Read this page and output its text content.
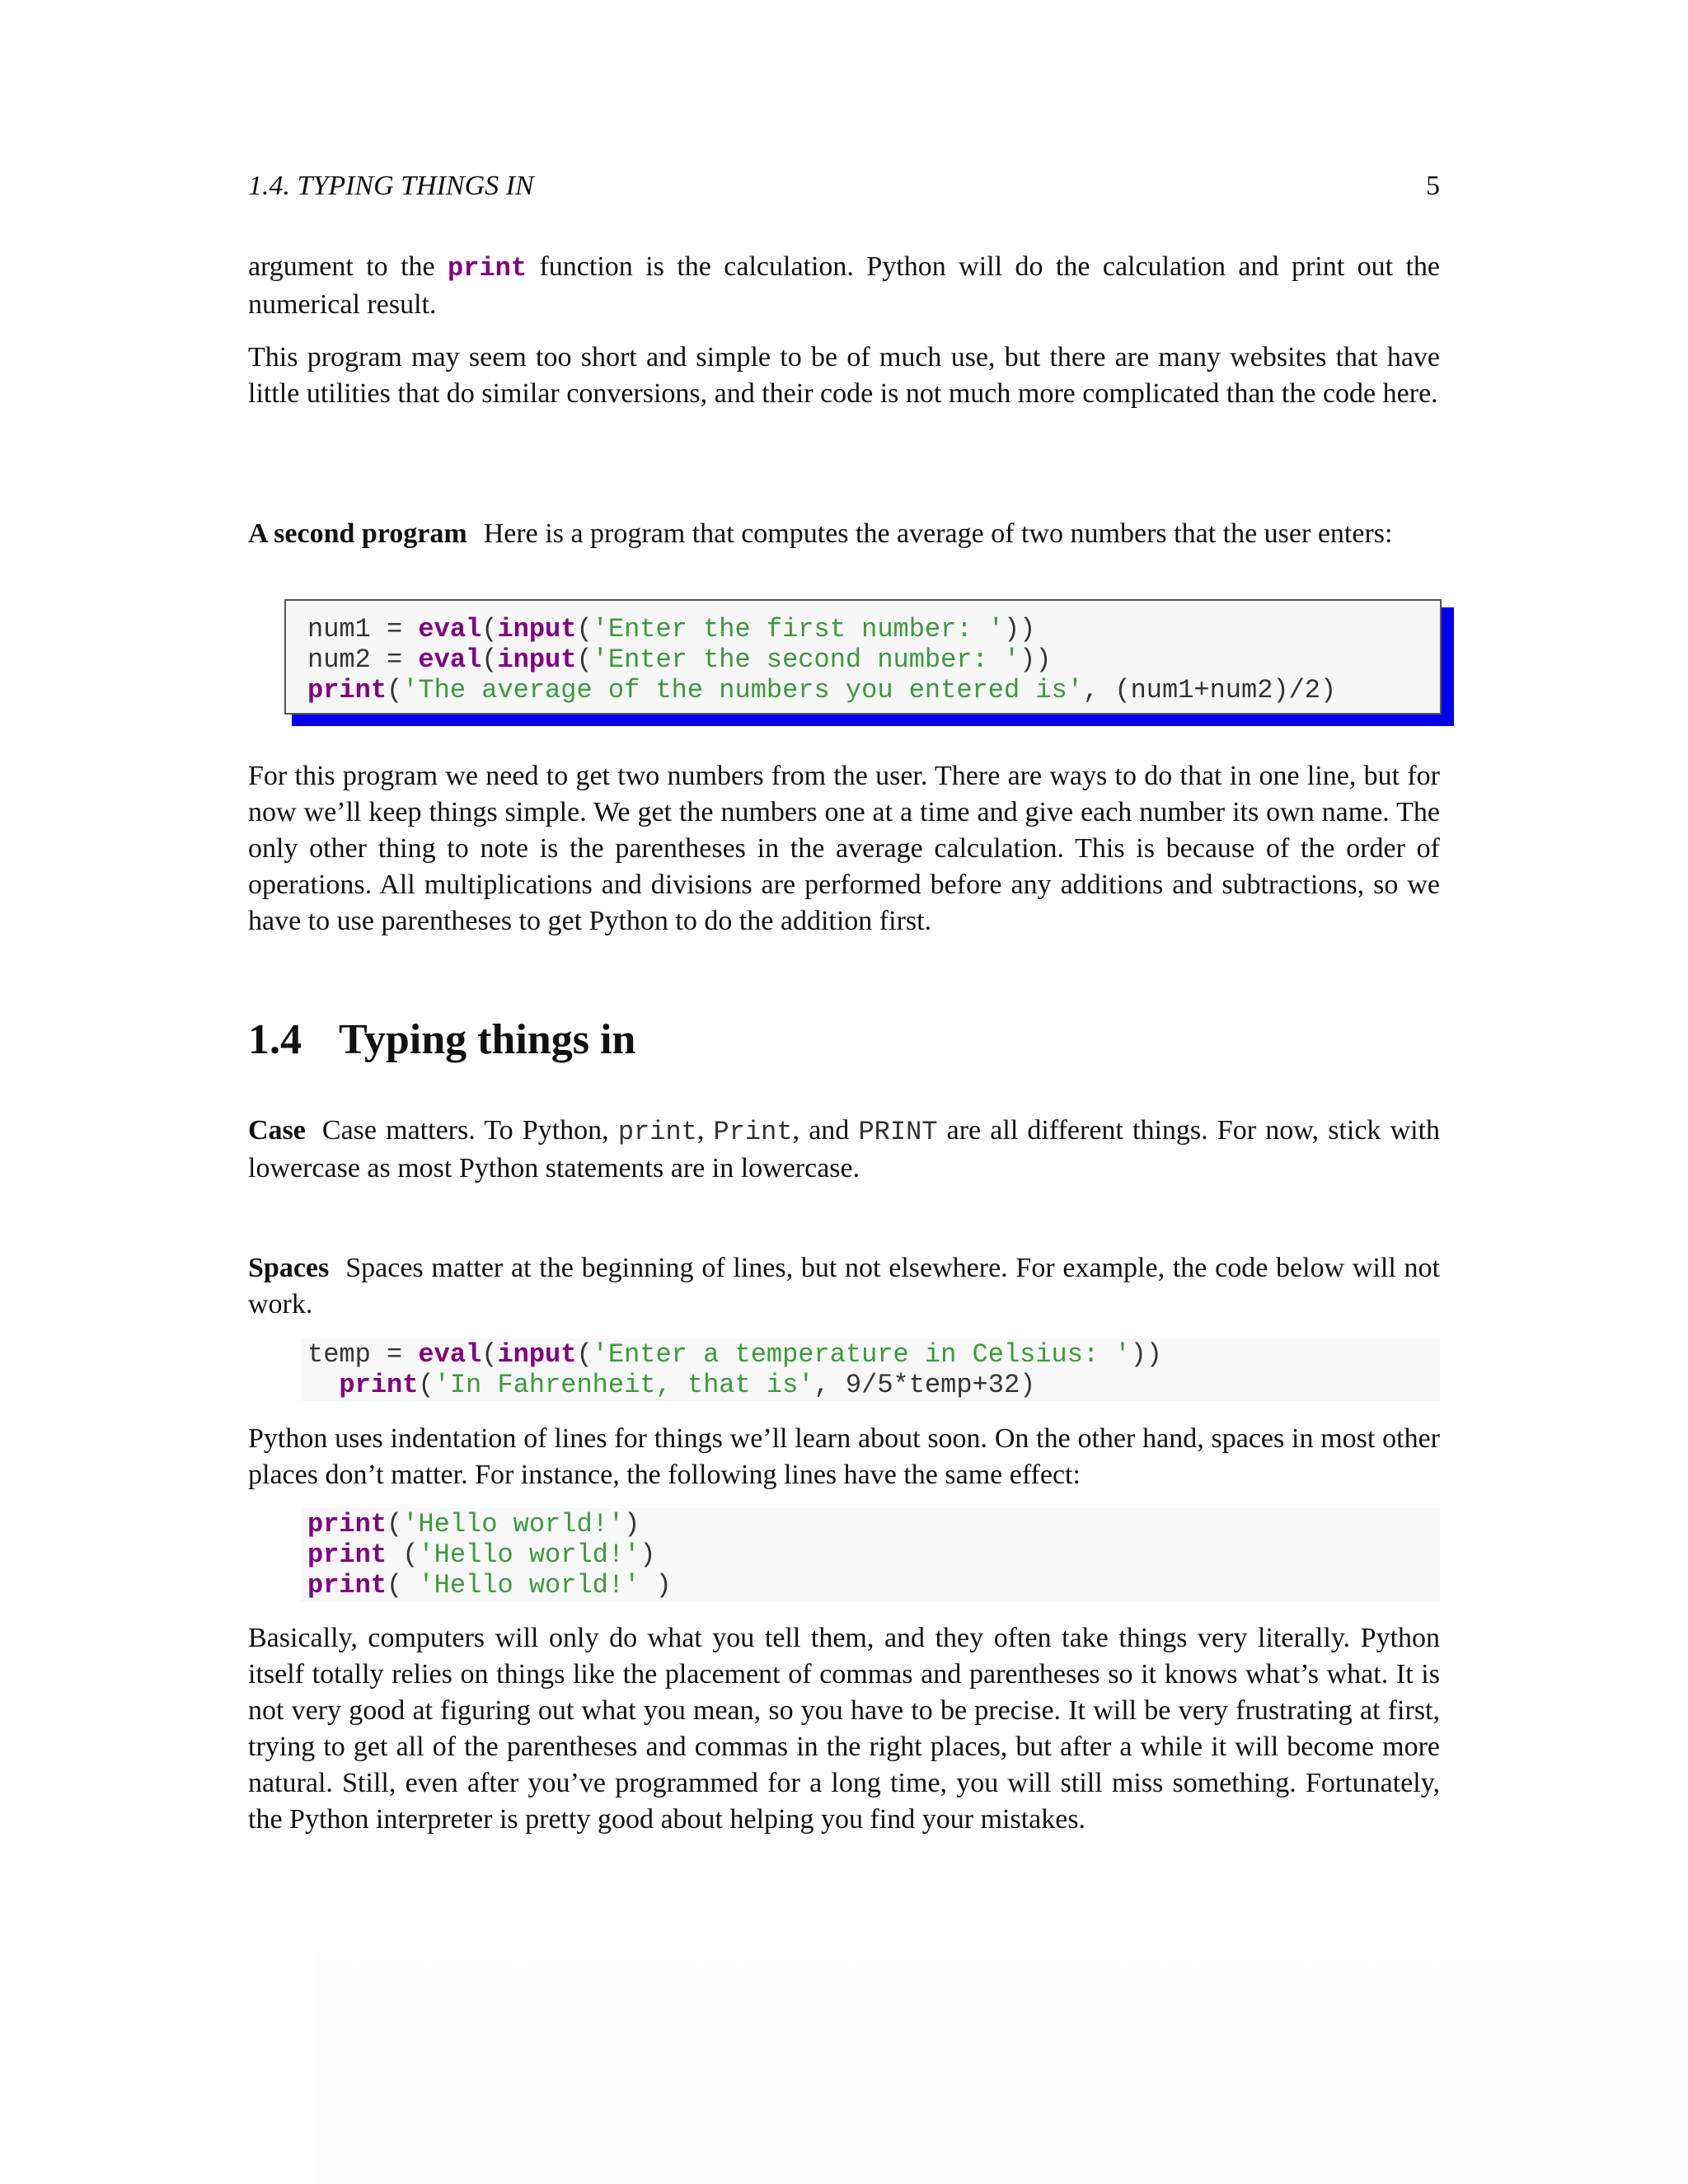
1.4. TYPING THINGS IN	5

argument to the print function is the calculation. Python will do the calculation and print out the numerical result.

This program may seem too short and simple to be of much use, but there are many websites that have little utilities that do similar conversions, and their code is not much more complicated than the code here.

A second program Here is a program that computes the average of two numbers that the user enters:

num1 = eval(input('Enter the first number: '))
num2 = eval(input('Enter the second number: '))
print('The average of the numbers you entered is', (num1+num2)/2)

For this program we need to get two numbers from the user. There are ways to do that in one line, but for now we’ll keep things simple. We get the numbers one at a time and give each number its own name. The only other thing to note is the parentheses in the average calculation. This is because of the order of operations. All multiplications and divisions are performed before any additions and subtractions, so we have to use parentheses to get Python to do the addition first.

1.4 Typing things in

Case Case matters. To Python, print, Print, and PRINT are all different things. For now, stick with lowercase as most Python statements are in lowercase.

Spaces Spaces matter at the beginning of lines, but not elsewhere. For example, the code below will not work.

temp = eval(input('Enter a temperature in Celsius: '))
print('In Fahrenheit, that is', 9/5*temp+32)

Python uses indentation of lines for things we’ll learn about soon. On the other hand, spaces in most other places don’t matter. For instance, the following lines have the same effect:

print('Hello world!')
print ('Hello world!')
print( 'Hello world!' )

Basically, computers will only do what you tell them, and they often take things very literally. Python itself totally relies on things like the placement of commas and parentheses so it knows what’s what. It is not very good at figuring out what you mean, so you have to be precise. It will be very frustrating at first, trying to get all of the parentheses and commas in the right places, but after a while it will become more natural. Still, even after you’ve programmed for a long time, you will still miss something. Fortunately, the Python interpreter is pretty good about helping you find your mistakes.
